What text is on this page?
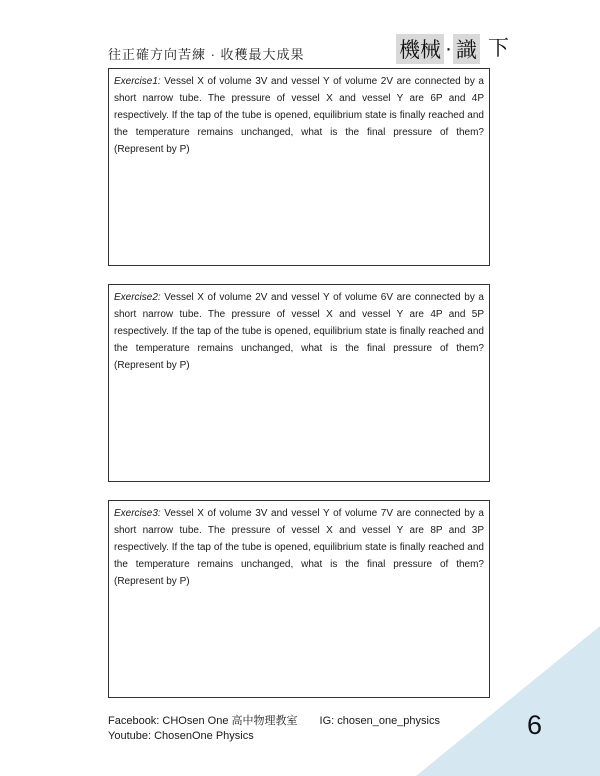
往正確方向苦練 · 收穫最大成果	機械 · 識 下

Exercise1: Vessel X of volume 3V and vessel Y of volume 2V are connected by a short narrow tube. The pressure of vessel X and vessel Y are 6P and 4P respectively. If the tap of the tube is opened, equilibrium state is finally reached and the temperature remains unchanged, what is the final pressure of them? (Represent by P)

Exercise2: Vessel X of volume 2V and vessel Y of volume 6V are connected by a short narrow tube. The pressure of vessel X and vessel Y are 4P and 5P respectively. If the tap of the tube is opened, equilibrium state is finally reached and the temperature remains unchanged, what is the final pressure of them? (Represent by P)

Exercise3: Vessel X of volume 3V and vessel Y of volume 7V are connected by a short narrow tube. The pressure of vessel X and vessel Y are 8P and 3P respectively. If the tap of the tube is opened, equilibrium state is finally reached and the temperature remains unchanged, what is the final pressure of them? (Represent by P)

Facebook: CHOsen One 高中物理教室 IG: chosen_one_physics
Youtube: ChosenOne Physics	6
